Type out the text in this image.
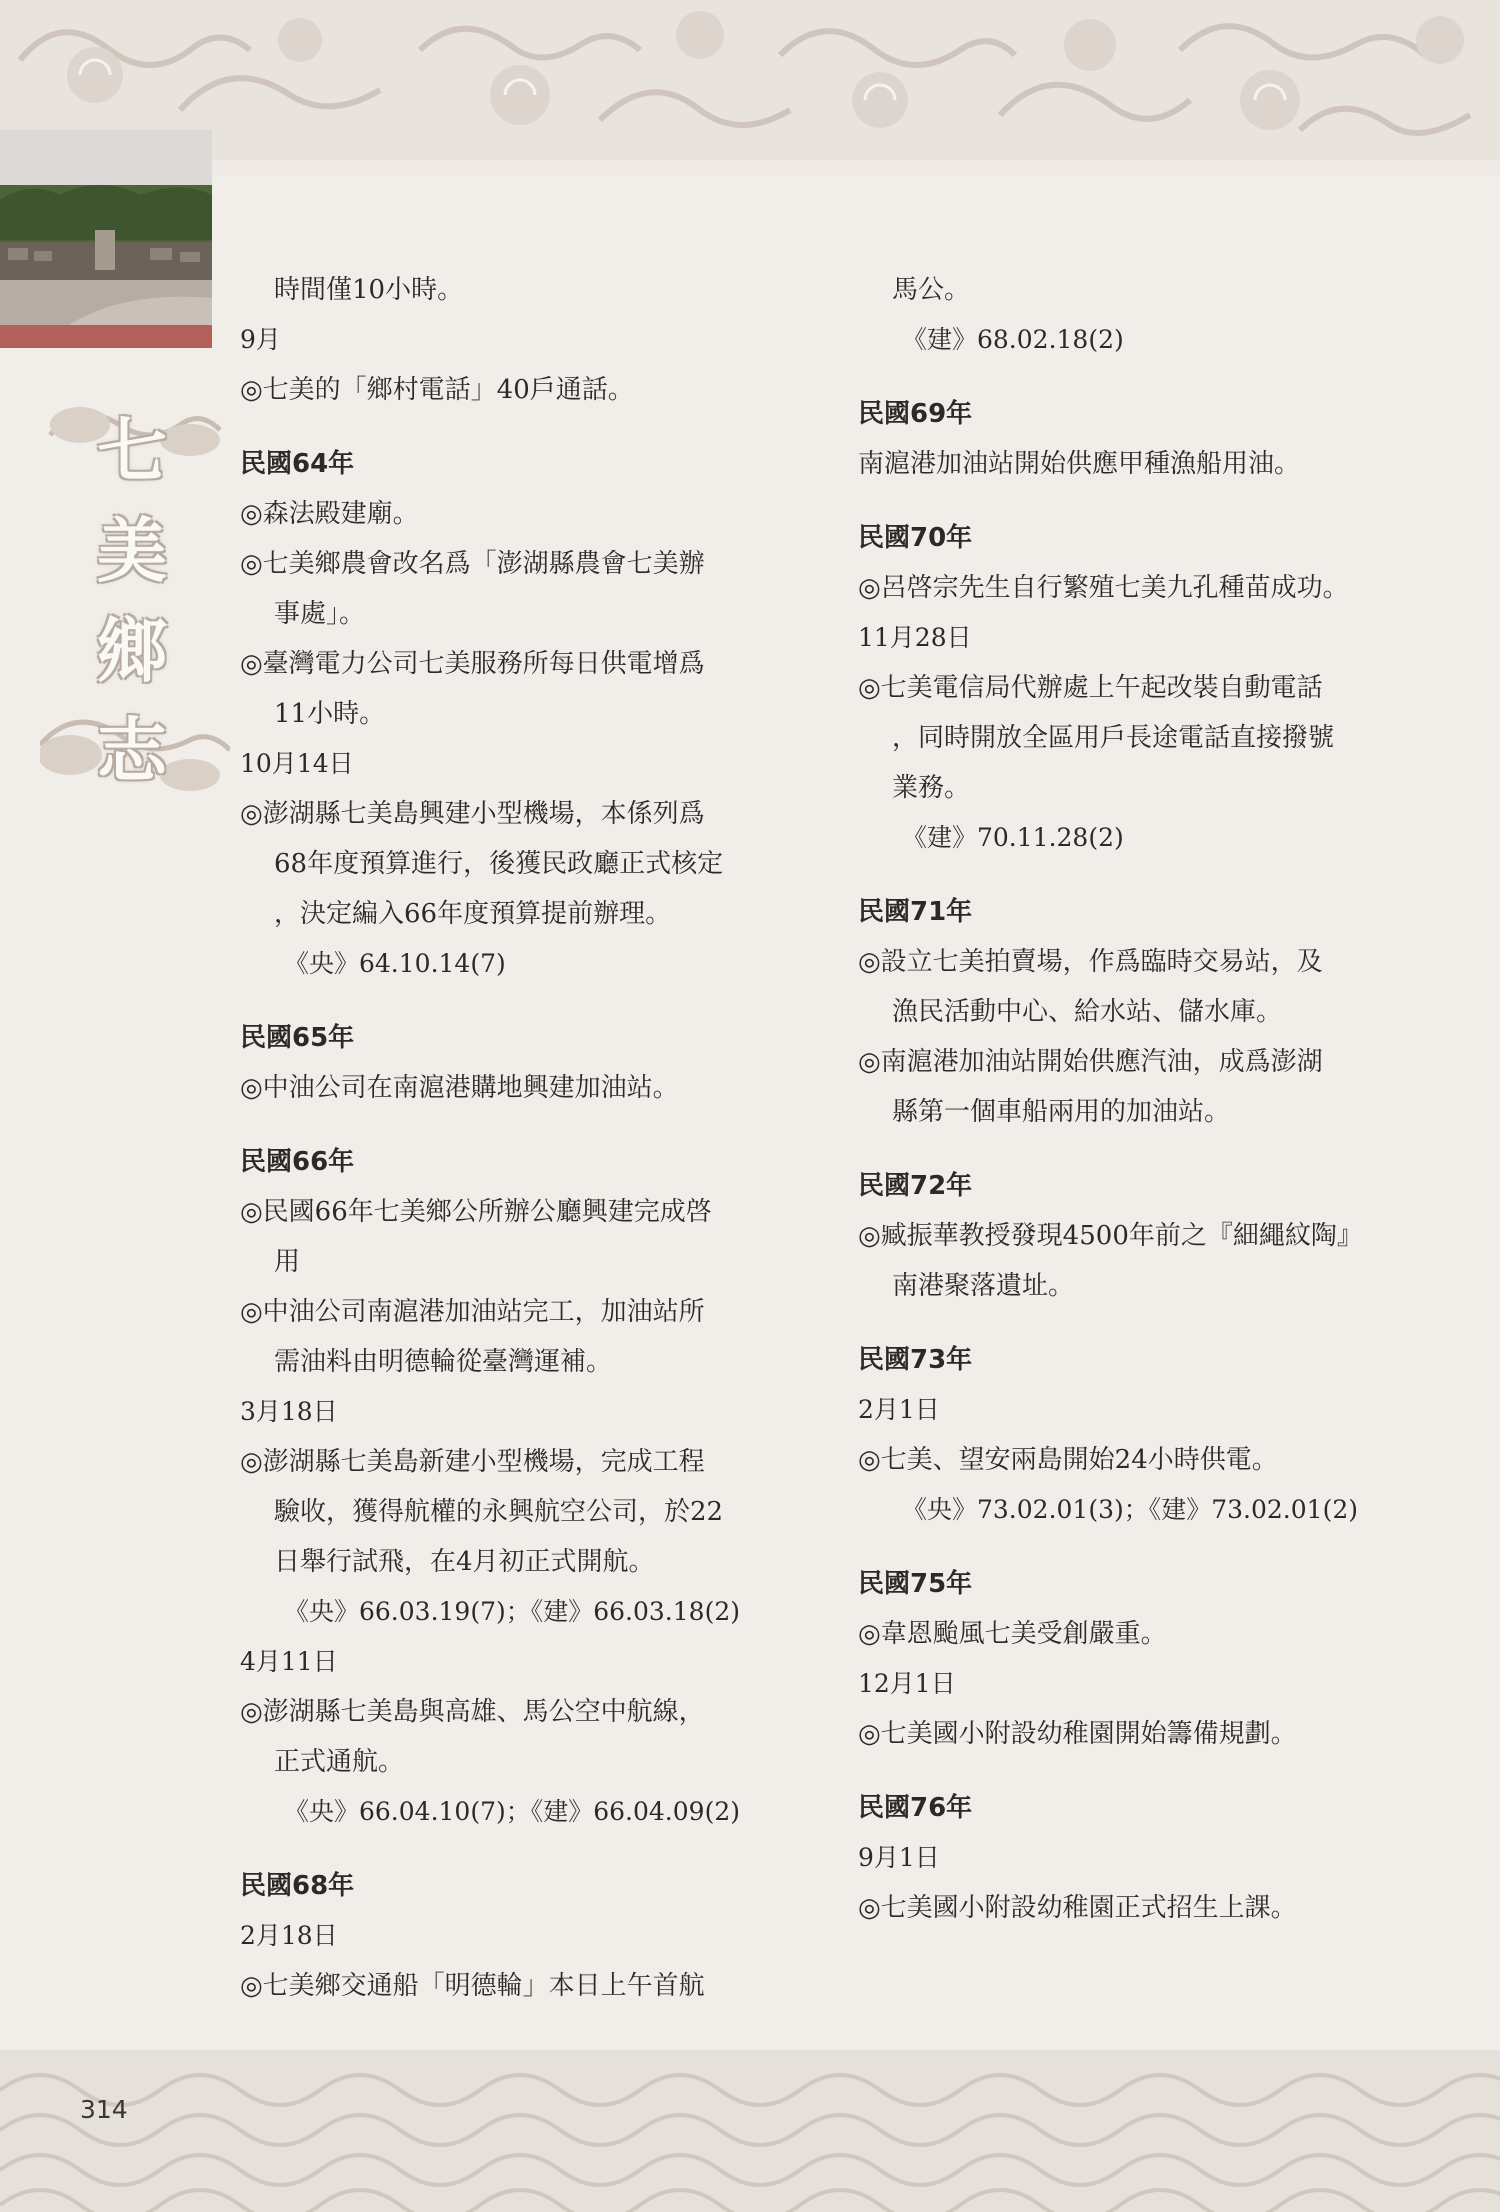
七
美
鄉
志

時間僅10小時。

9月

◎七美的「鄉村電話」40戶通話。

民國64年

◎森法殿建廟。

◎七美鄉農會改名爲「澎湖縣農會七美辦

事處」。

◎臺灣電力公司七美服務所每日供電增爲

11小時。

10月14日

◎澎湖縣七美島興建小型機場，本係列爲

68年度預算進行，後獲民政廳正式核定

，決定編入66年度預算提前辦理。

《央》64.10.14(7)

民國65年

◎中油公司在南滬港購地興建加油站。

民國66年

◎民國66年七美鄉公所辦公廳興建完成啓

用

◎中油公司南滬港加油站完工，加油站所

需油料由明德輪從臺灣運補。

3月18日

◎澎湖縣七美島新建小型機場，完成工程

驗收，獲得航權的永興航空公司，於22

日舉行試飛，在4月初正式開航。

《央》66.03.19(7)；《建》66.03.18(2)

4月11日

◎澎湖縣七美島與高雄、馬公空中航線，

正式通航。

《央》66.04.10(7)；《建》66.04.09(2)

民國68年

2月18日

◎七美鄉交通船「明德輪」本日上午首航

馬公。

《建》68.02.18(2)

民國69年

南滬港加油站開始供應甲種漁船用油。

民國70年

◎呂啓宗先生自行繁殖七美九孔種苗成功。

11月28日

◎七美電信局代辦處上午起改裝自動電話

，同時開放全區用戶長途電話直接撥號

業務。

《建》70.11.28(2)

民國71年

◎設立七美拍賣場，作爲臨時交易站，及

漁民活動中心、給水站、儲水庫。

◎南滬港加油站開始供應汽油，成爲澎湖

縣第一個車船兩用的加油站。

民國72年

◎臧振華教授發現4500年前之『細繩紋陶』

南港聚落遺址。

民國73年

2月1日

◎七美、望安兩島開始24小時供電。

《央》73.02.01(3)；《建》73.02.01(2)

民國75年

◎韋恩颱風七美受創嚴重。

12月1日

◎七美國小附設幼稚園開始籌備規劃。

民國76年

9月1日

◎七美國小附設幼稚園正式招生上課。

314
